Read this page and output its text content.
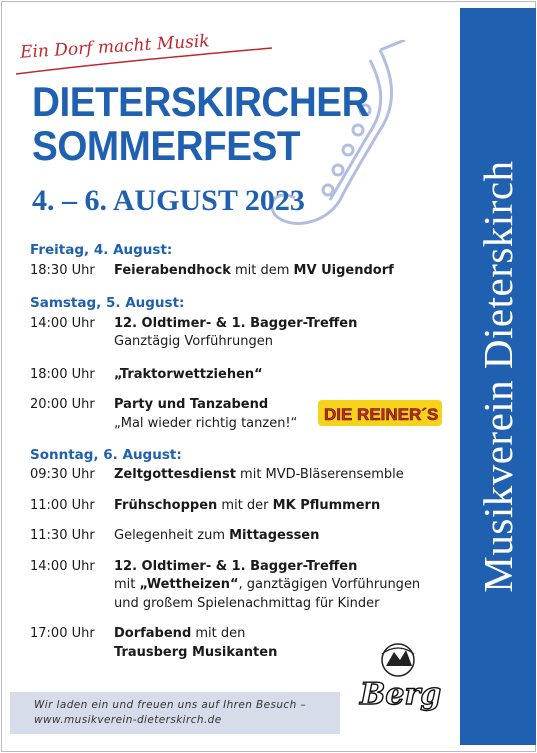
Musikverein Dieterskirch
Ein Dorf macht Musik
DIETERSKIRCHER
SOMMERFEST
4. – 6. AUGUST 2023
Freitag, 4. August:
18:30 Uhr Feierabendhock mit dem MV Uigendorf
Samstag, 5. August:
14:00 Uhr 12. Oldtimer- & 1. Bagger-Treffen
Ganztägig Vorführungen
18:00 Uhr „Traktorwettziehen“
20:00 Uhr Party und Tanzabend
„Mal wieder richtig tanzen!“
Sonntag, 6. August:
09:30 Uhr Zeltgottesdienst mit MVD-Bläserensemble
11:00 Uhr Frühschoppen mit der MK Pflummern
11:30 Uhr Gelegenheit zum Mittagessen
14:00 Uhr 12. Oldtimer- & 1. Bagger-Treffen
mit „Wettheizen“, ganztägigen Vorführungen
und großem Spielenachmittag für Kinder
17:00 Uhr Dorfabend mit den
Trausberg Musikanten
DIE REINER´S
Berg
Wir laden ein und freuen uns auf Ihren Besuch –
www.musikverein-dieterskirch.de
